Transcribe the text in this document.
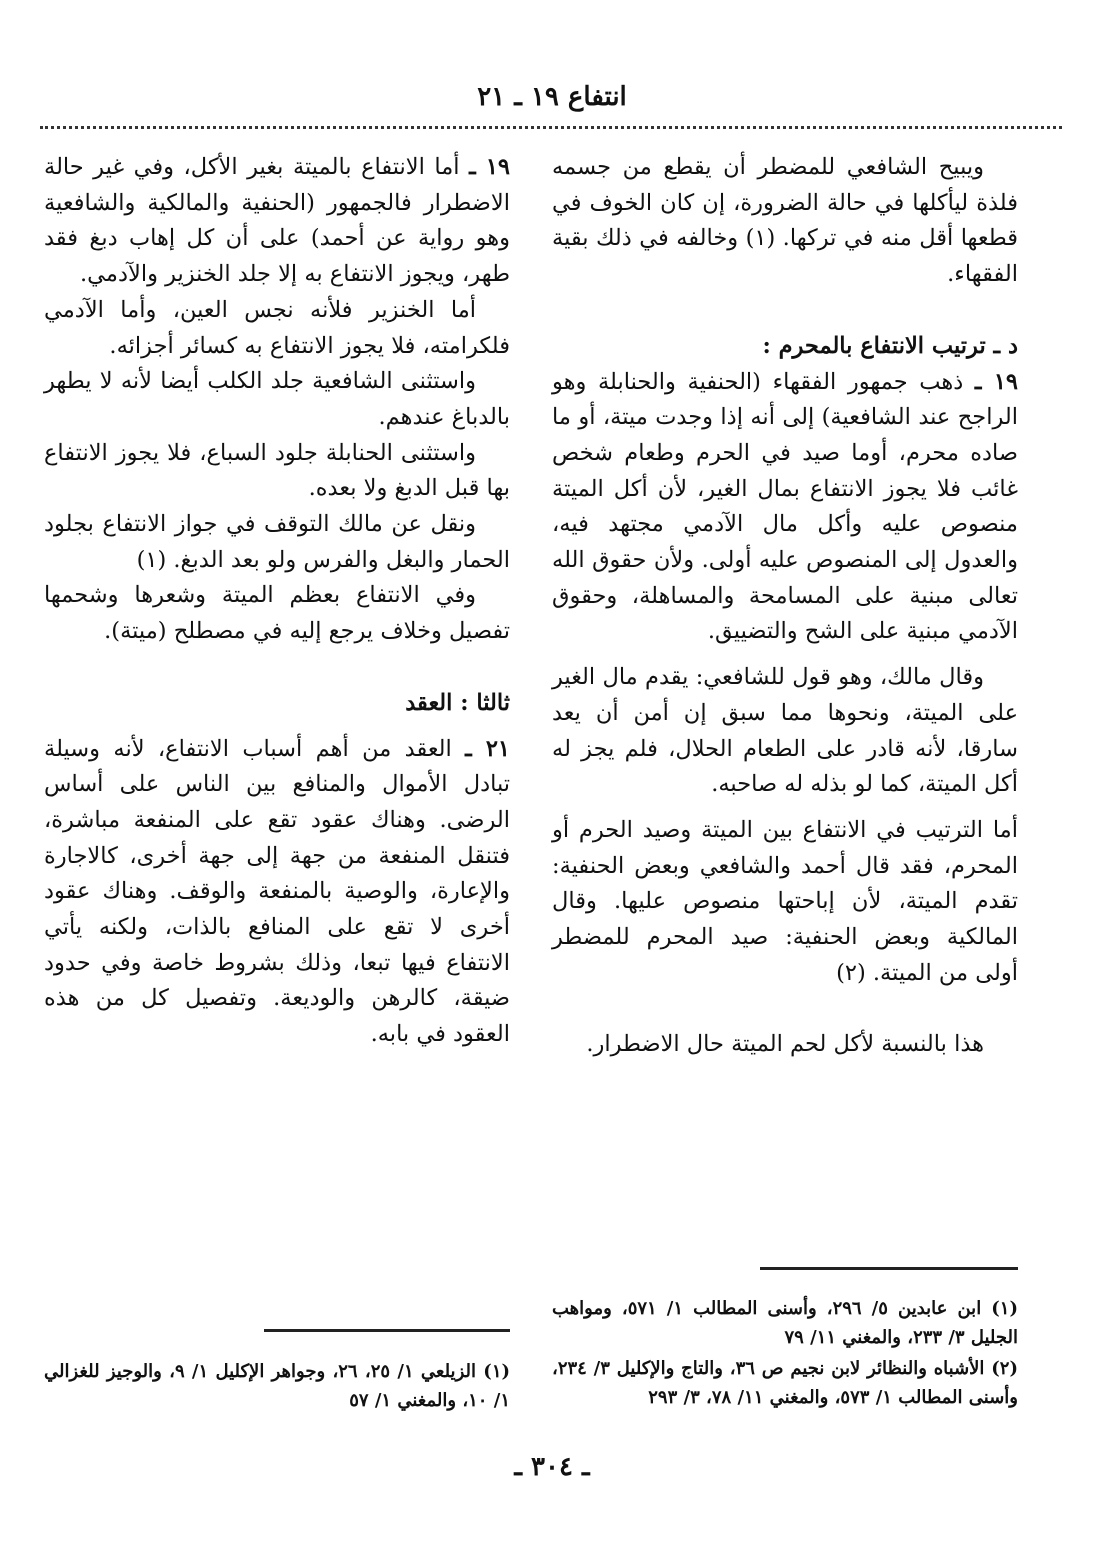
انتفاع ١٩ ـ ٢١

ويبيح الشافعي للمضطر أن يقطع من جسمه فلذة ليأكلها في حالة الضرورة، إن كان الخوف في قطعها أقل منه في تركها. (١) وخالفه في ذلك بقية الفقهاء.

د ـ ترتيب الانتفاع بالمحرم :

١٩ ـ ذهب جمهور الفقهاء (الحنفية والحنابلة وهو الراجح عند الشافعية) إلى أنه إذا وجدت ميتة، أو ما صاده محرم، أوما صيد في الحرم وطعام شخص غائب فلا يجوز الانتفاع بمال الغير، لأن أكل الميتة منصوص عليه وأكل مال الآدمي مجتهد فيه، والعدول إلى المنصوص عليه أولى. ولأن حقوق الله تعالى مبنية على المسامحة والمساهلة، وحقوق الآدمي مبنية على الشح والتضييق.

وقال مالك، وهو قول للشافعي: يقدم مال الغير على الميتة، ونحوها مما سبق إن أمن أن يعد سارقا، لأنه قادر على الطعام الحلال، فلم يجز له أكل الميتة، كما لو بذله له صاحبه.

أما الترتيب في الانتفاع بين الميتة وصيد الحرم أو المحرم، فقد قال أحمد والشافعي وبعض الحنفية: تقدم الميتة، لأن إباحتها منصوص عليها. وقال المالكية وبعض الحنفية: صيد المحرم للمضطر أولى من الميتة. (٢)

هذا بالنسبة لأكل لحم الميتة حال الاضطرار.

١٩ ـ أما الانتفاع بالميتة بغير الأكل، وفي غير حالة الاضطرار فالجمهور (الحنفية والمالكية والشافعية وهو رواية عن أحمد) على أن كل إهاب دبغ فقد طهر، ويجوز الانتفاع به إلا جلد الخنزير والآدمي.

أما الخنزير فلأنه نجس العين، وأما الآدمي فلكرامته، فلا يجوز الانتفاع به كسائر أجزائه.

واستثنى الشافعية جلد الكلب أيضا لأنه لا يطهر بالدباغ عندهم.

واستثنى الحنابلة جلود السباع، فلا يجوز الانتفاع بها قبل الدبغ ولا بعده.

ونقل عن مالك التوقف في جواز الانتفاع بجلود الحمار والبغل والفرس ولو بعد الدبغ. (١)

وفي الانتفاع بعظم الميتة وشعرها وشحمها تفصيل وخلاف يرجع إليه في مصطلح (ميتة).

ثالثا : العقد

٢١ ـ العقد من أهم أسباب الانتفاع، لأنه وسيلة تبادل الأموال والمنافع بين الناس على أساس الرضى. وهناك عقود تقع على المنفعة مباشرة، فتنقل المنفعة من جهة إلى جهة أخرى، كالاجارة والإعارة، والوصية بالمنفعة والوقف. وهناك عقود أخرى لا تقع على المنافع بالذات، ولكنه يأتي الانتفاع فيها تبعا، وذلك بشروط خاصة وفي حدود ضيقة، كالرهن والوديعة. وتفصيل كل من هذه العقود في بابه.

(١) ابن عابدين ٥/ ٢٩٦، وأسنى المطالب ١/ ٥٧١، ومواهب الجليل ٣/ ٢٣٣، والمغني ١١/ ٧٩

(٢) الأشباه والنظائر لابن نجيم ص ٣٦، والتاج والإكليل ٣/ ٢٣٤، وأسنى المطالب ١/ ٥٧٣، والمغني ١١/ ٧٨، ٣/ ٢٩٣

(١) الزيلعي ١/ ٢٥، ٢٦، وجواهر الإكليل ١/ ٩، والوجيز للغزالي ١/ ١٠، والمغني ١/ ٥٧

ـ ٣٠٤ ـ
